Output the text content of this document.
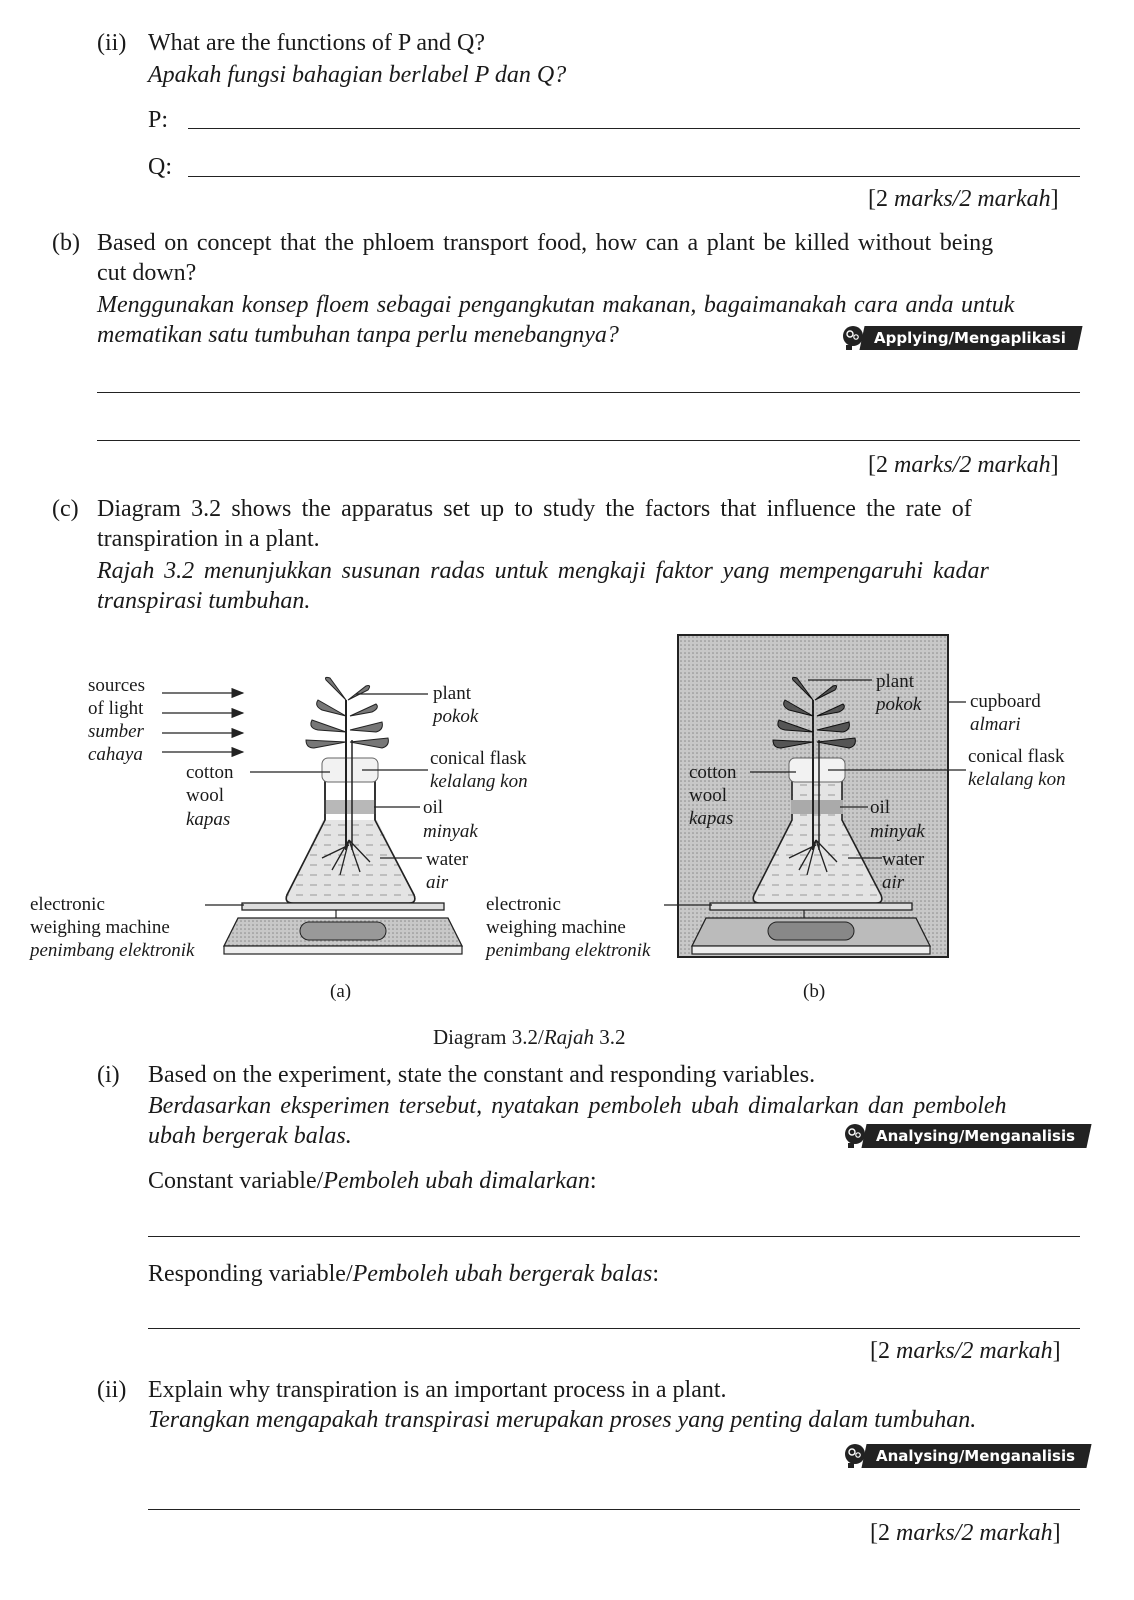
(ii) What are the functions of P and Q?
Apakah fungsi bahagian berlabel P dan Q?
P:
Q:
[2 marks/2 markah]
(b) Based on concept that the phloem transport food, how can a plant be killed without being
cut down?
Menggunakan konsep floem sebagai pengangkutan makanan, bagaimanakah cara anda untuk
mematikan satu tumbuhan tanpa perlu menebangnya?	Applying/Mengaplikasi
[2 marks/2 markah]
(c) Diagram 3.2 shows the apparatus set up to study the factors that influence the rate of
transpiration in a plant.
Rajah 3.2 menunjukkan susunan radas untuk mengkaji faktor yang mempengaruhi kadar
transpirasi tumbuhan.
sources
of light
sumber
cahaya
cotton
wool
kapas
plant
pokok
conical flask
kelalang kon
oil
minyak
water
air
electronic
weighing machine
penimbang elektronik
(a)
plant
pokok	cupboard
almari
conical flask
kelalang kon
cotton
wool
kapas
oil
minyak
water
air
electronic
weighing machine
penimbang elektronik
(b)
Diagram 3.2/Rajah 3.2
(i) Based on the experiment, state the constant and responding variables.
Berdasarkan eksperimen tersebut, nyatakan pemboleh ubah dimalarkan dan pemboleh
ubah bergerak balas.	Analysing/Menganalisis
Constant variable/Pemboleh ubah dimalarkan:
Responding variable/Pemboleh ubah bergerak balas:
[2 marks/2 markah]
(ii) Explain why transpiration is an important process in a plant.
Terangkan mengapakah transpirasi merupakan proses yang penting dalam tumbuhan.
Analysing/Menganalisis
[2 marks/2 markah]
